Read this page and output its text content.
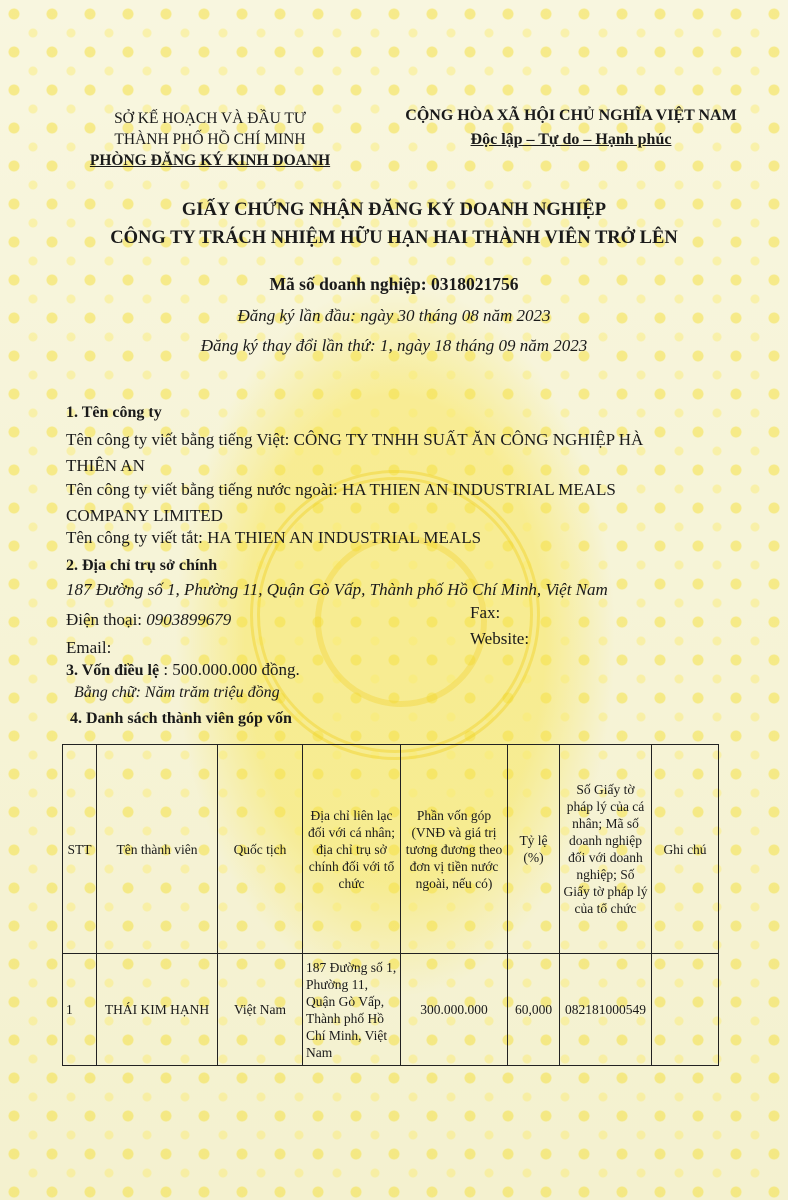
SỞ KẾ HOẠCH VÀ ĐẦU TƯ
THÀNH PHỐ HỒ CHÍ MINH
PHÒNG ĐĂNG KÝ KINH DOANH
CỘNG HÒA XÃ HỘI CHỦ NGHĨA VIỆT NAM
Độc lập – Tự do – Hạnh phúc
GIẤY CHỨNG NHẬN ĐĂNG KÝ DOANH NGHIỆP
CÔNG TY TRÁCH NHIỆM HỮU HẠN HAI THÀNH VIÊN TRỞ LÊN
Mã số doanh nghiệp: 0318021756
Đăng ký lần đầu: ngày 30 tháng 08 năm 2023
Đăng ký thay đổi lần thứ: 1, ngày 18 tháng 09 năm 2023
1. Tên công ty
Tên công ty viết bằng tiếng Việt: CÔNG TY TNHH SUẤT ĂN CÔNG NGHIỆP HÀ
THIÊN AN
Tên công ty viết bằng tiếng nước ngoài: HA THIEN AN INDUSTRIAL MEALS
COMPANY LIMITED
Tên công ty viết tắt: HA THIEN AN INDUSTRIAL MEALS
2. Địa chỉ trụ sở chính
187 Đường số 1, Phường 11, Quận Gò Vấp, Thành phố Hồ Chí Minh, Việt Nam
Điện thoại: 0903899679	Fax:
Email:	Website:
3. Vốn điều lệ : 500.000.000 đồng.
Bằng chữ: Năm trăm triệu đồng
4. Danh sách thành viên góp vốn
STT	Tên thành viên	Quốc tịch	Địa chỉ liên lạc đối với cá nhân; địa chỉ trụ sở chính đối với tổ chức	Phần vốn góp (VNĐ và giá trị tương đương theo đơn vị tiền nước ngoài, nếu có)	Tỷ lệ (%)	Số Giấy tờ pháp lý của cá nhân; Mã số doanh nghiệp đối với doanh nghiệp; Số Giấy tờ pháp lý của tổ chức	Ghi chú
1	THÁI KIM HẠNH	Việt Nam	187 Đường số 1, Phường 11, Quận Gò Vấp, Thành phố Hồ Chí Minh, Việt Nam	300.000.000	60,000	082181000549	
